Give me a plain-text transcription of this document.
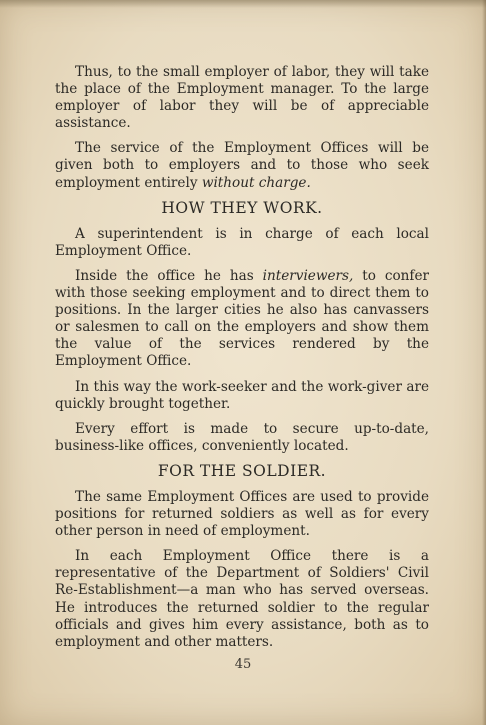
Thus, to the small employer of labor, they will take the place of the Employment manager. To the large employer of labor they will be of appreciable assistance.

The service of the Employment Offices will be given both to employers and to those who seek employment entirely without charge.

HOW THEY WORK.

A superintendent is in charge of each local Employment Office.

Inside the office he has interviewers, to confer with those seeking employment and to direct them to positions. In the larger cities he also has canvassers or salesmen to call on the employers and show them the value of the services rendered by the Employment Office.

In this way the work-seeker and the work-giver are quickly brought together.

Every effort is made to secure up-to-date, business-like offices, conveniently located.

FOR THE SOLDIER.

The same Employment Offices are used to provide positions for returned soldiers as well as for every other person in need of employment.

In each Employment Office there is a representative of the Department of Soldiers' Civil Re-Establishment—a man who has served overseas. He introduces the returned soldier to the regular officials and gives him every assistance, both as to employment and other matters.

45
